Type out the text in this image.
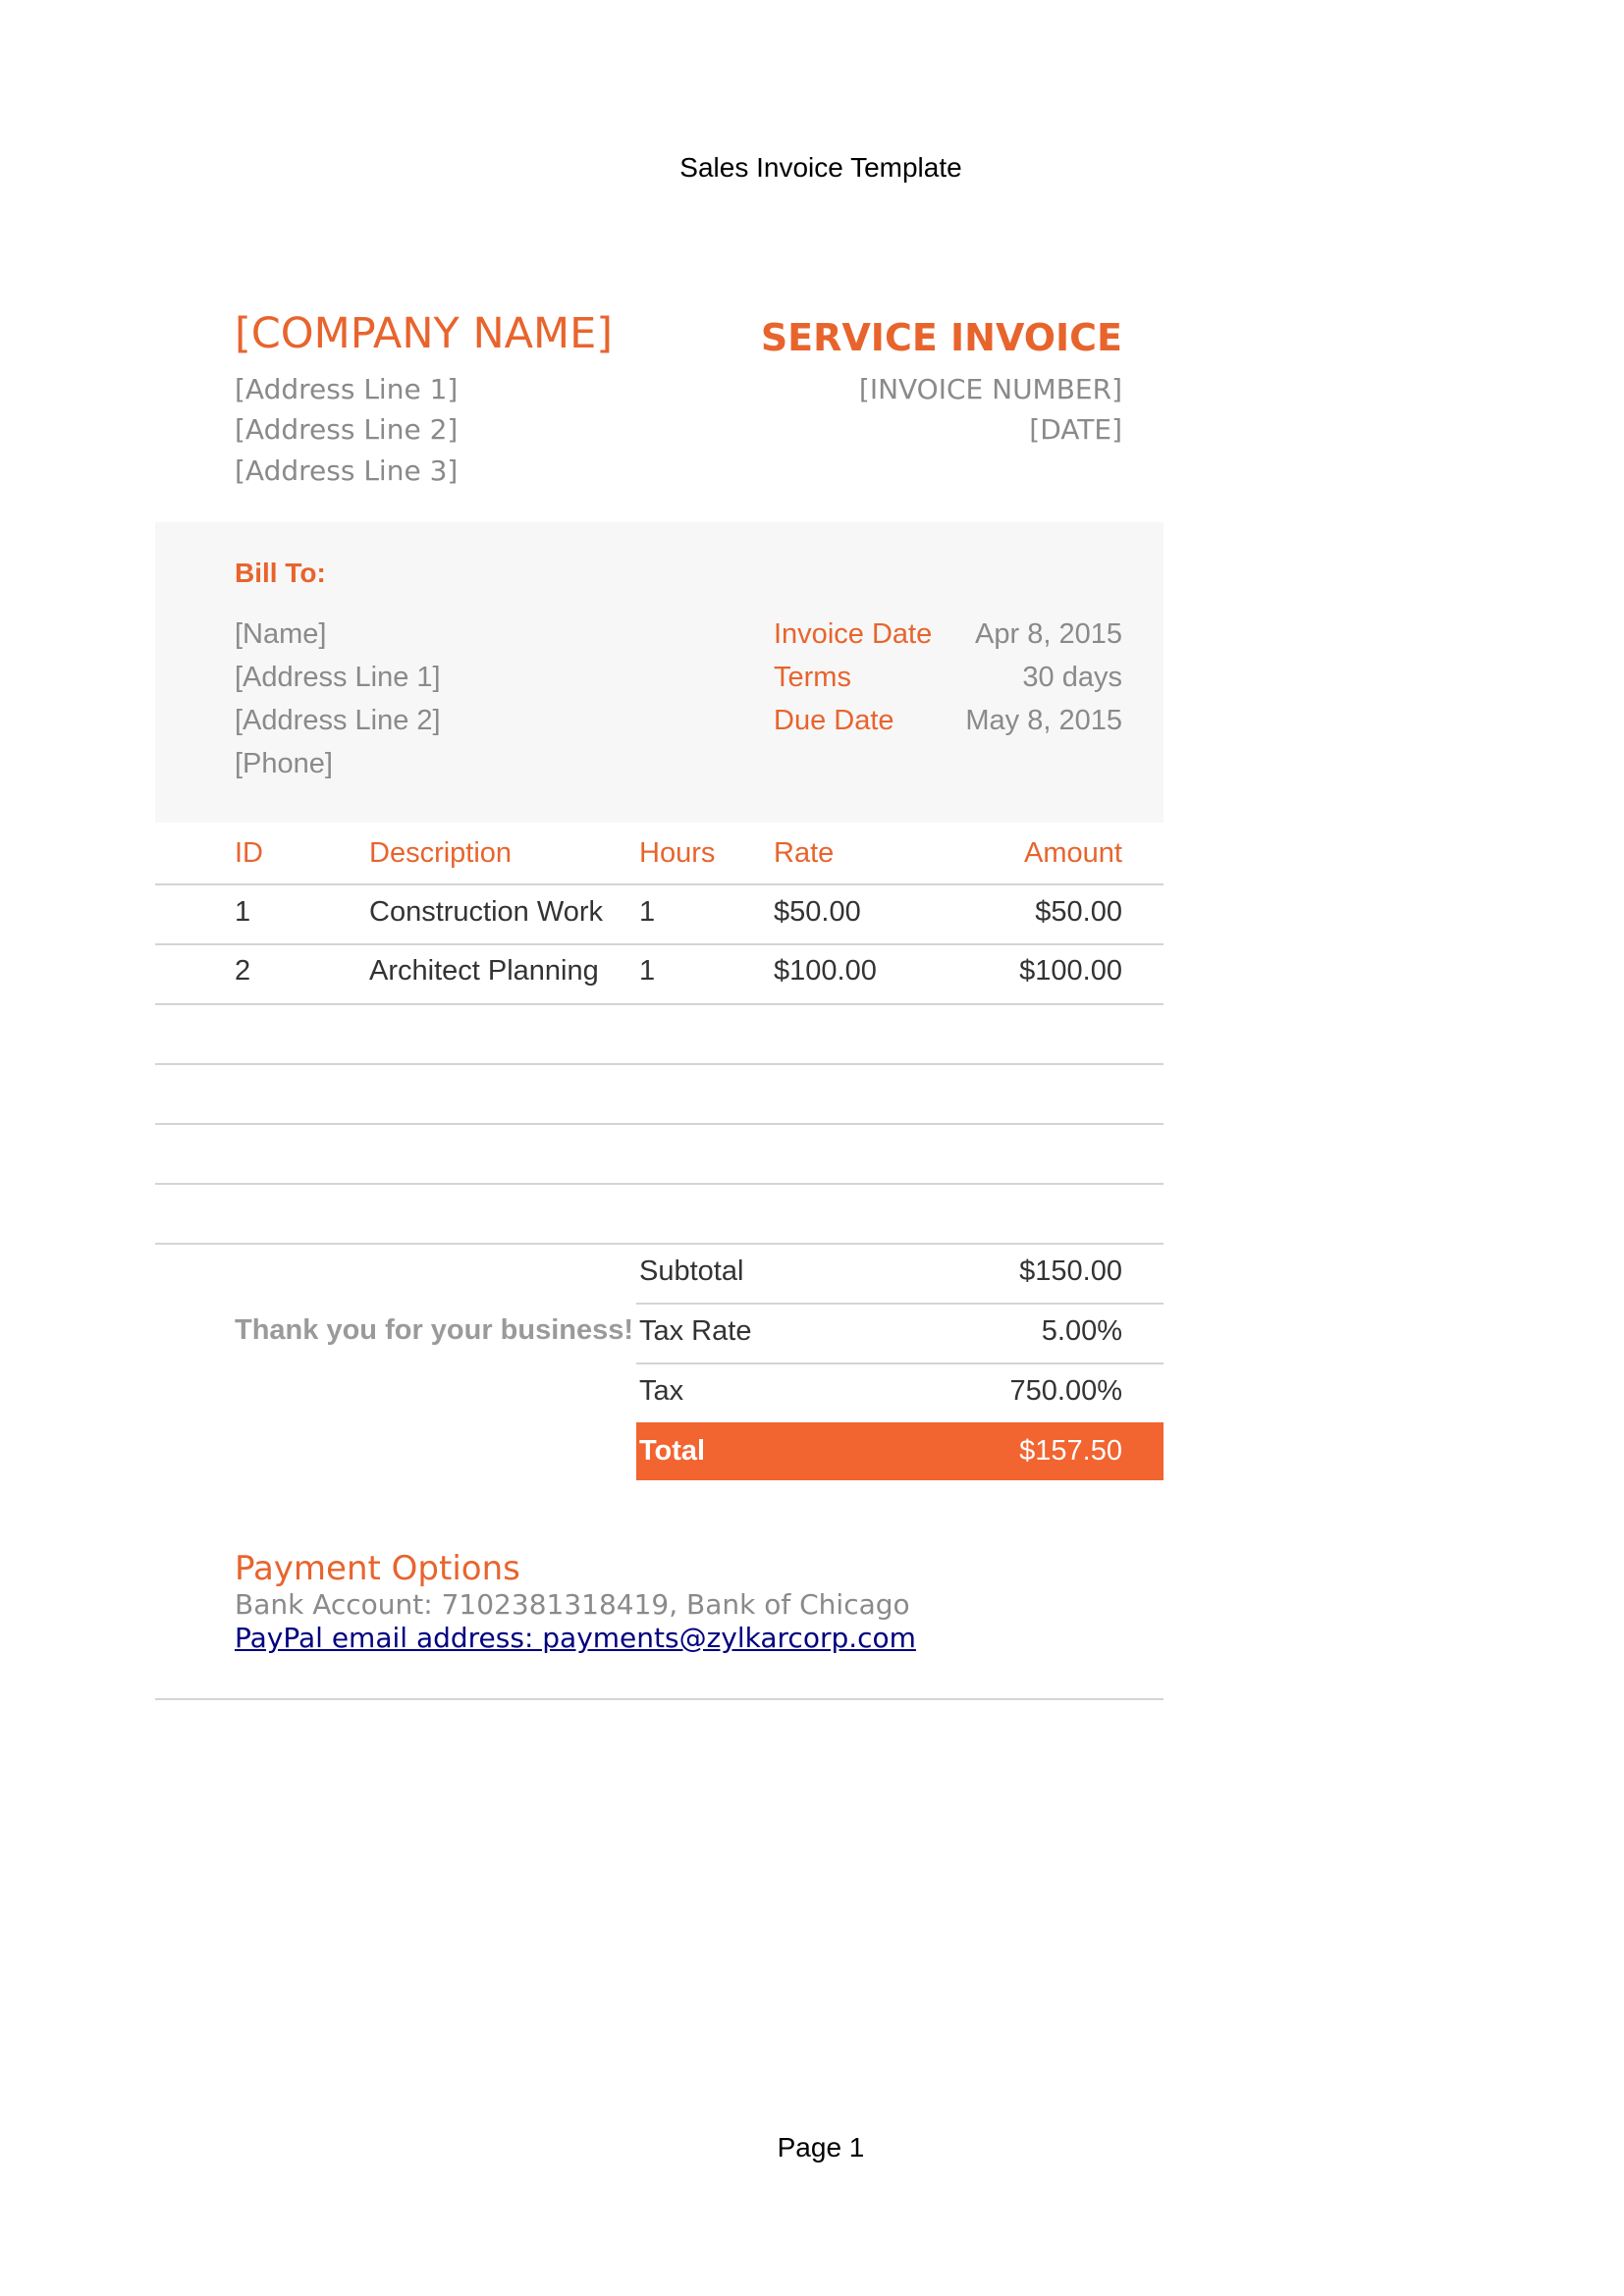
Sales Invoice Template
[COMPANY NAME]
[Address Line 1]
[Address Line 2]
[Address Line 3]
SERVICE INVOICE
[INVOICE NUMBER]
[DATE]
Bill To:
[Name]
[Address Line 1]
[Address Line 2]
[Phone]
Invoice Date Apr 8, 2015
Terms	30 days
Due Date	May 8, 2015
ID	Description	Hours Rate	Amount
1	Construction Work 1	$50.00	$50.00
2	Architect Planning 1	$100.00	$100.00
Thank you for your business!
Subtotal	$150.00
Tax Rate	5.00%
Tax	750.00%
Total	$157.50
Payment Options
Bank Account: 7102381318419, Bank of Chicago
PayPal email address: payments@zylkarcorp.com
Page 1
